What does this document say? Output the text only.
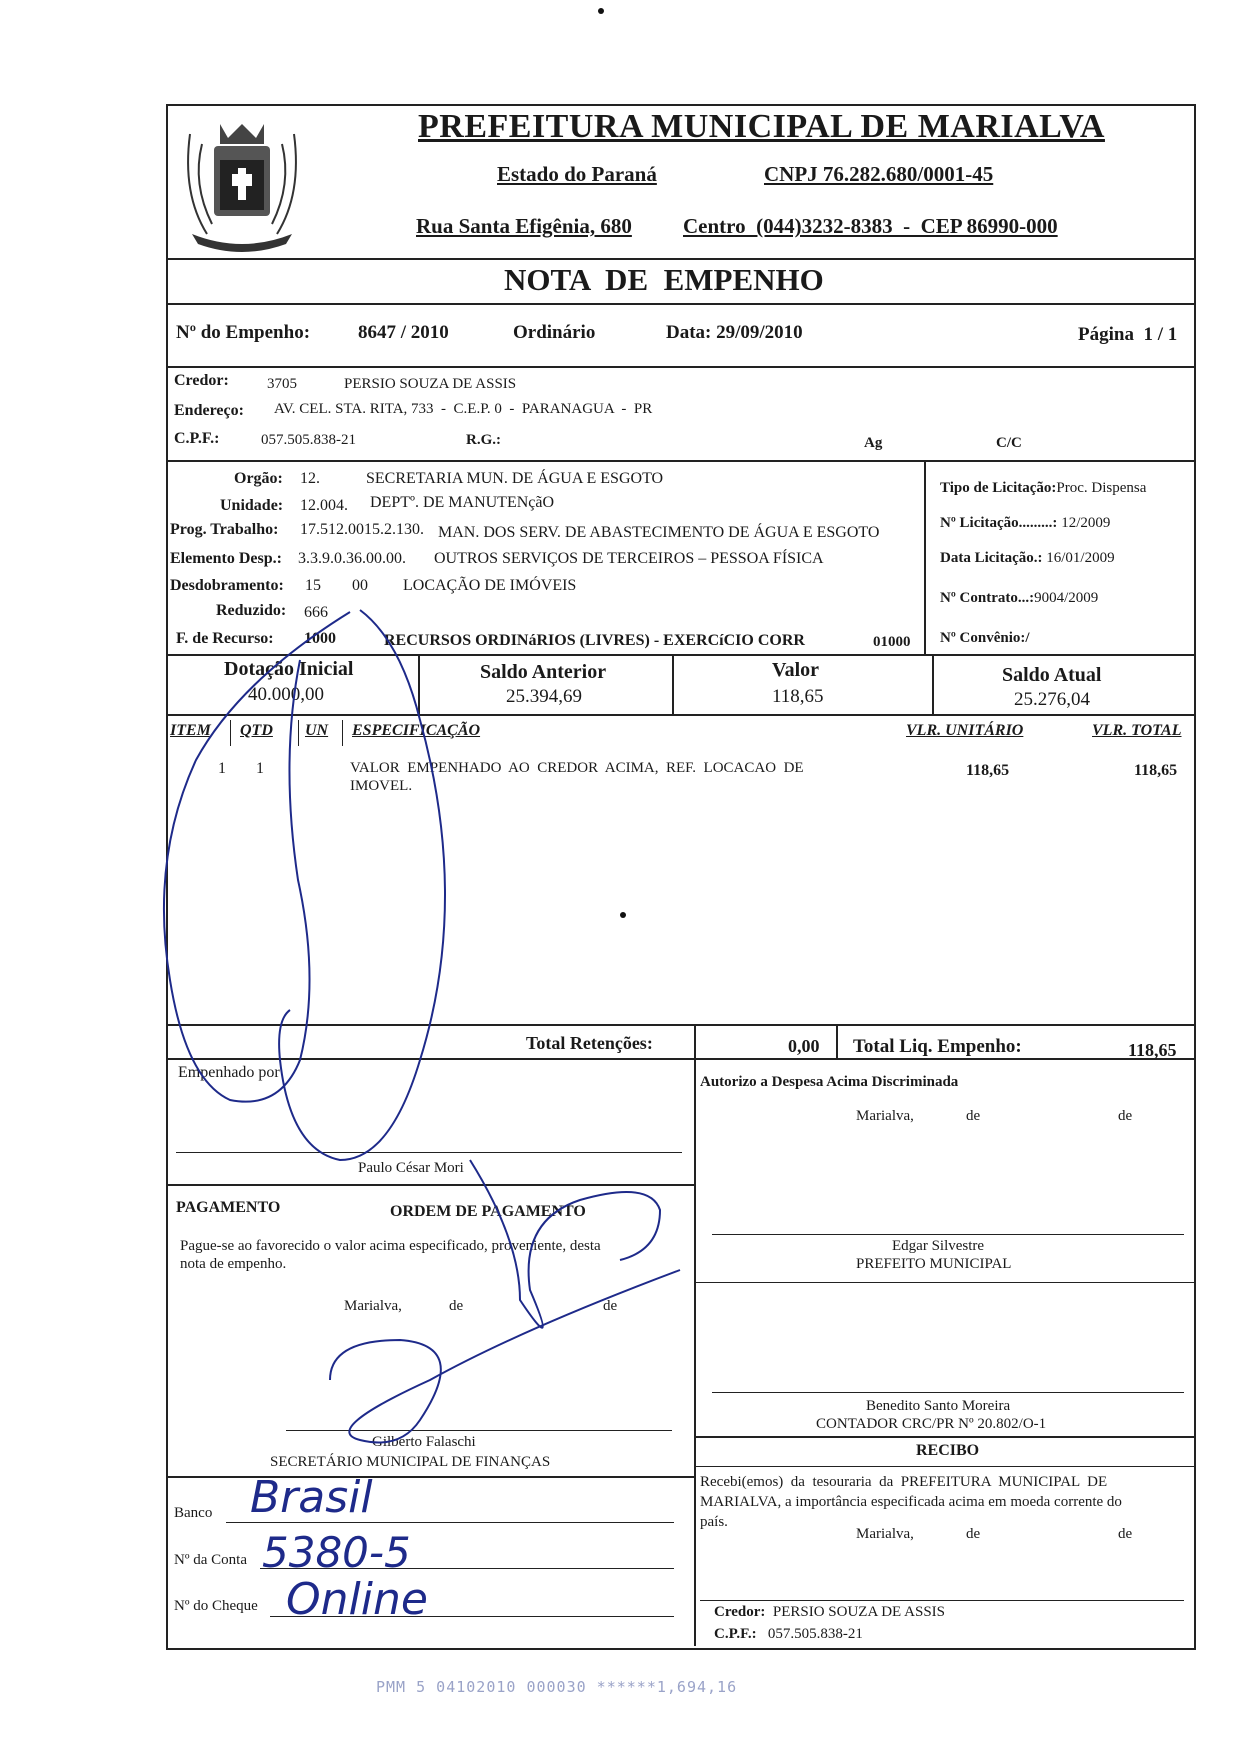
PREFEITURA MUNICIPAL DE MARIALVA
Estado do Paraná	CNPJ 76.282.680/0001-45
Rua Santa Efigênia, 680 Centro  (044)3232-8383  -  CEP 86990-000
NOTA  DE  EMPENHO
Nº do Empenho:	8647 / 2010	Ordinário	Data: 29/09/2010	Página  1 / 1
Credor:	3705	PERSIO SOUZA DE ASSIS
Endereço: AV. CEL. STA. RITA, 733  -  C.E.P. 0  -  PARANAGUA  -  PR
C.P.F.:	057.505.838-21	R.G.:	Ag	C/C
Orgão: 12.	SECRETARIA MUN. DE ÁGUA E ESGOTO
Unidade: 12.004. DEPTº. DE MANUTENçãO
Prog. Trabalho: 17.512.0015.2.130. MAN. DOS SERV. DE ABASTECIMENTO DE ÁGUA E ESGOTO
Elemento Desp.: 3.3.9.0.36.00.00. OUTROS SERVIÇOS DE TERCEIROS – PESSOA FÍSICA
Desdobramento: 15 00 LOCAÇÃO DE IMÓVEIS
Reduzido: 666
F. de Recurso: 1000	RECURSOS ORDINáRIOS (LIVRES) - EXERCíCIO CORR	01000
Tipo de Licitação:Proc. Dispensa
Nº Licitação.........: 12/2009
Data Licitação.: 16/01/2009
Nº Contrato...:9004/2009
Nº Convênio:/
Dotação Inicial
40.000,00
Saldo Anterior
25.394,69
Valor
118,65
Saldo Atual
25.276,04
ITEM QTD UN ESPECIFICAÇÃO	VLR. UNITÁRIO	VLR. TOTAL
1 1	VALOR  EMPENHADO  AO  CREDOR  ACIMA,  REF.  LOCACAO  DE
IMOVEL.
118,65	118,65
Total Retenções:	0,00 Total Liq. Empenho:	118,65
Empenhado por
Paulo César Mori
PAGAMENTO	ORDEM DE PAGAMENTO
Pague-se ao favorecido o valor acima especificado, proveniente, desta
nota de empenho.
Marialva,	de	de
Gilberto Falaschi
SECRETÁRIO MUNICIPAL DE FINANÇAS
Banco Brasil
Nº da Conta 5380-5
Nº do Cheque Online
Autorizo a Despesa Acima Discriminada
Marialva,	de	de
Edgar Silvestre
PREFEITO MUNICIPAL
Benedito Santo Moreira
CONTADOR CRC/PR Nº 20.802/O-1
RECIBO
Recebi(emos)  da  tesouraria  da  PREFEITURA  MUNICIPAL  DE
MARIALVA, a importância especificada acima em moeda corrente do
país.
Marialva,	de	de
Credor: PERSIO SOUZA DE ASSIS
C.P.F.: 057.505.838-21
PMM 5 04102010 000030 ******1,694,16
